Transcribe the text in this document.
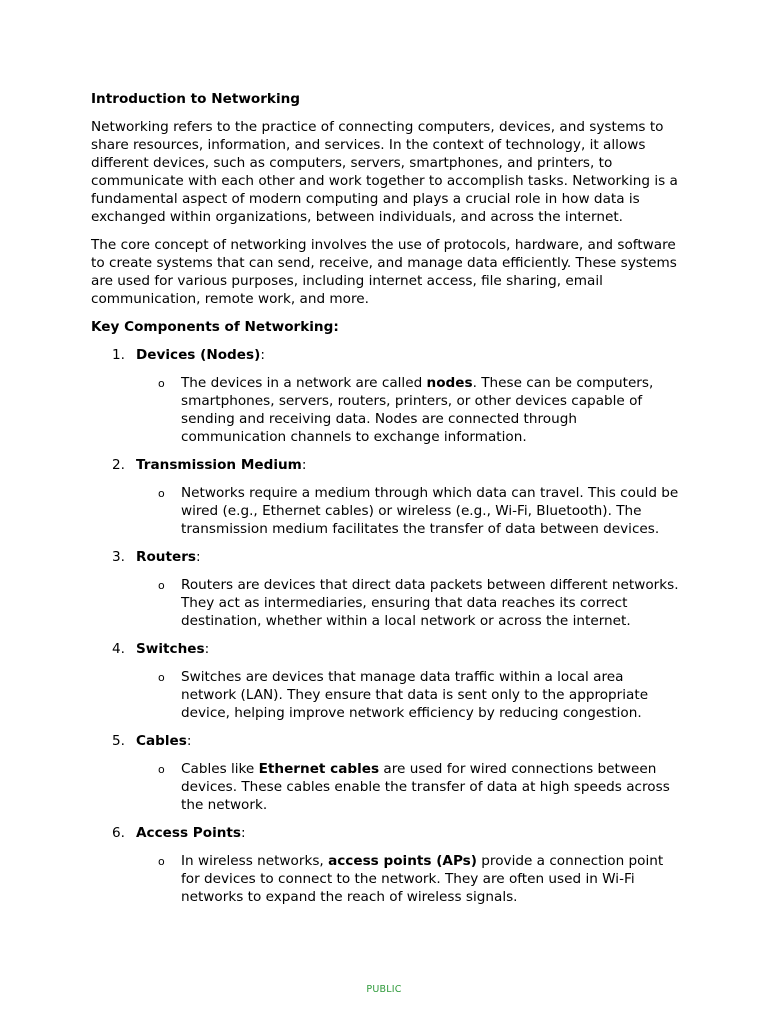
Introduction to Networking
Networking refers to the practice of connecting computers, devices, and systems to share resources, information, and services. In the context of technology, it allows different devices, such as computers, servers, smartphones, and printers, to communicate with each other and work together to accomplish tasks. Networking is a fundamental aspect of modern computing and plays a crucial role in how data is exchanged within organizations, between individuals, and across the internet.
The core concept of networking involves the use of protocols, hardware, and software to create systems that can send, receive, and manage data efficiently. These systems are used for various purposes, including internet access, file sharing, email communication, remote work, and more.
Key Components of Networking:
1. Devices (Nodes):
o The devices in a network are called nodes. These can be computers, smartphones, servers, routers, printers, or other devices capable of sending and receiving data. Nodes are connected through communication channels to exchange information.
2. Transmission Medium:
o Networks require a medium through which data can travel. This could be wired (e.g., Ethernet cables) or wireless (e.g., Wi-Fi, Bluetooth). The transmission medium facilitates the transfer of data between devices.
3. Routers:
o Routers are devices that direct data packets between different networks. They act as intermediaries, ensuring that data reaches its correct destination, whether within a local network or across the internet.
4. Switches:
o Switches are devices that manage data traffic within a local area network (LAN). They ensure that data is sent only to the appropriate device, helping improve network efficiency by reducing congestion.
5. Cables:
o Cables like Ethernet cables are used for wired connections between devices. These cables enable the transfer of data at high speeds across the network.
6. Access Points:
o In wireless networks, access points (APs) provide a connection point for devices to connect to the network. They are often used in Wi-Fi networks to expand the reach of wireless signals.
PUBLIC
